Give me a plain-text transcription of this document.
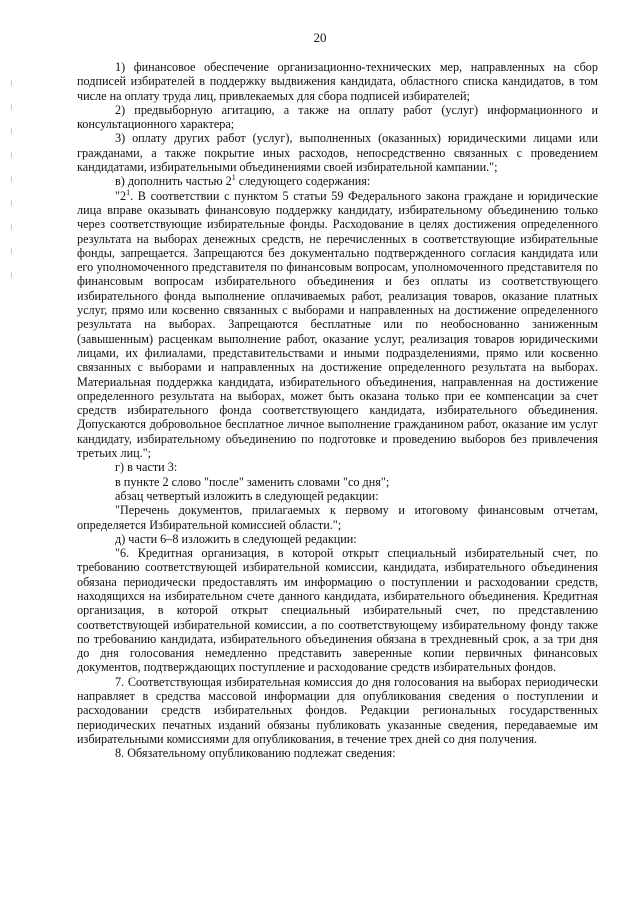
20

1) финансовое обеспечение организационно-технических мер, направленных на сбор подписей избирателей в поддержку выдвижения кандидата, областного списка кандидатов, в том числе на оплату труда лиц, привлекаемых для сбора подписей избирателей;

2) предвыборную агитацию, а также на оплату работ (услуг) информационного и консультационного характера;

3) оплату других работ (услуг), выполненных (оказанных) юридическими лицами или гражданами, а также покрытие иных расходов, непосредственно связанных с проведением кандидатами, избирательными объединениями своей избирательной кампании.";

в) дополнить частью $2^1$ следующего содержания:

"$2^1$. В соответствии с пунктом 5 статьи 59 Федерального закона граждане и юридические лица вправе оказывать финансовую поддержку кандидату, избирательному объединению только через соответствующие избирательные фонды. Расходование в целях достижения определенного результата на выборах денежных средств, не перечисленных в соответствующие избирательные фонды, запрещается. Запрещаются без документально подтвержденного согласия кандидата или его уполномоченного представителя по финансовым вопросам, уполномоченного представителя по финансовым вопросам избирательного объединения и без оплаты из соответствующего избирательного фонда выполнение оплачиваемых работ, реализация товаров, оказание платных услуг, прямо или косвенно связанных с выборами и направленных на достижение определенного результата на выборах. Запрещаются бесплатные или по необоснованно заниженным (завышенным) расценкам выполнение работ, оказание услуг, реализация товаров юридическими лицами, их филиалами, представительствами и иными подразделениями, прямо или косвенно связанных с выборами и направленных на достижение определенного результата на выборах. Материальная поддержка кандидата, избирательного объединения, направленная на достижение определенного результата на выборах, может быть оказана только при ее компенсации за счет средств избирательного фонда соответствующего кандидата, избирательного объединения. Допускаются добровольное бесплатное личное выполнение гражданином работ, оказание им услуг кандидату, избирательному объединению по подготовке и проведению выборов без привлечения третьих лиц.";

г) в части 3:

в пункте 2 слово "после" заменить словами "со дня";

абзац четвертый изложить в следующей редакции:

"Перечень документов, прилагаемых к первому и итоговому финансовым отчетам, определяется Избирательной комиссией области.";

д) части 6–8 изложить в следующей редакции:

"6. Кредитная организация, в которой открыт специальный избирательный счет, по требованию соответствующей избирательной комиссии, кандидата, избирательного объединения обязана периодически предоставлять им информацию о поступлении и расходовании средств, находящихся на избирательном счете данного кандидата, избирательного объединения. Кредитная организация, в которой открыт специальный избирательный счет, по представлению соответствующей избирательной комиссии, а по соответствующему избирательному фонду также по требованию кандидата, избирательного объединения обязана в трехдневный срок, а за три дня до дня голосования немедленно представить заверенные копии первичных финансовых документов, подтверждающих поступление и расходование средств избирательных фондов.

7. Соответствующая избирательная комиссия до дня голосования на выборах периодически направляет в средства массовой информации для опубликования сведения о поступлении и расходовании средств избирательных фондов. Редакции региональных государственных периодических печатных изданий обязаны публиковать указанные сведения, передаваемые им избирательными комиссиями для опубликования, в течение трех дней со дня получения.

8. Обязательному опубликованию подлежат сведения:
